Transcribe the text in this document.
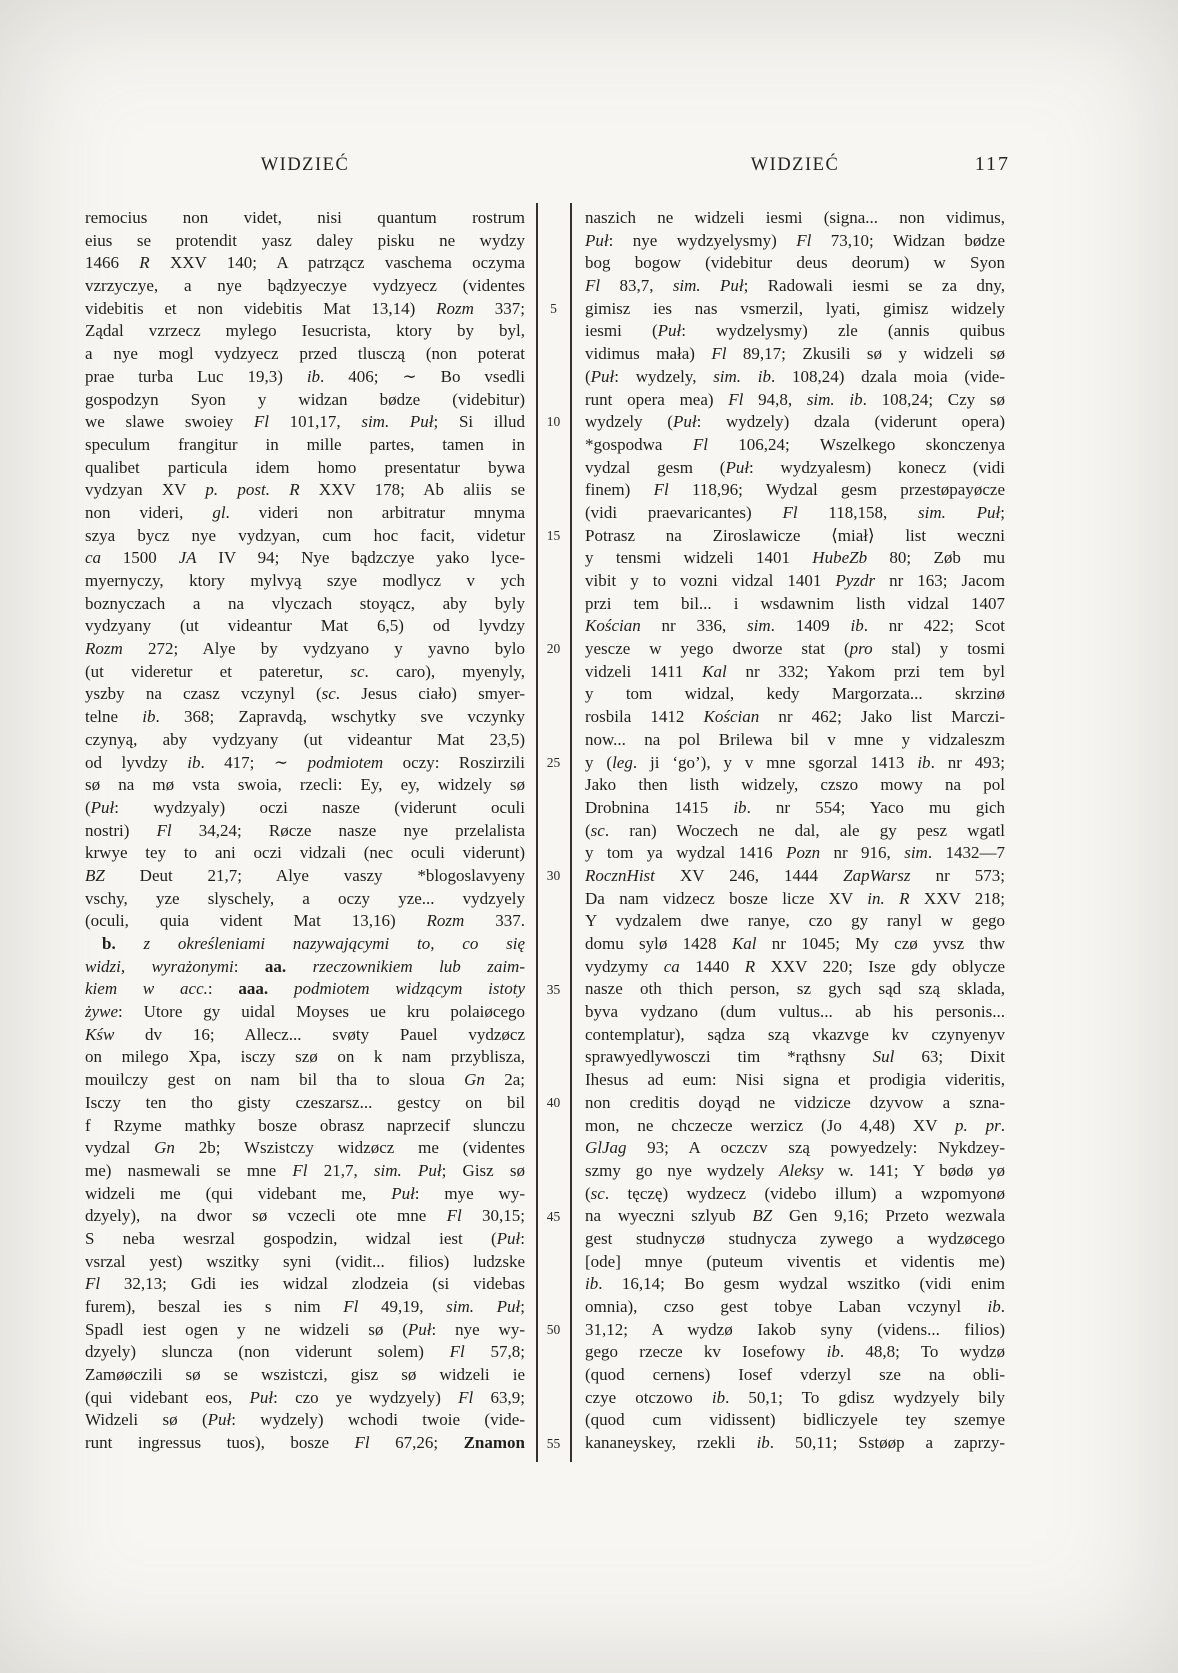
WIDZIEĆ	WIDZIEĆ	117
remocius non videt, nisi quantum rostrum
eius se protendit yasz daley pisku ne wydzy
1466 R XXV 140; A patrzącz vaschema oczyma
vzrzyczye, a nye bądzyeczye vydzyecz (videntes
videbitis et non videbitis Mat 13,14) Rozm 337;
Ządal vzrzecz mylego Iesucrista, ktory by byl,
a nye mogl vydzyecz przed tlusczą (non poterat
prae turba Luc 19,3) ib. 406; ∼ Bo vsedli
gospodzyn Syon y widzan bødze (videbitur)
we slawe swoiey Fl 101,17, sim. Puł; Si illud
speculum frangitur in mille partes, tamen in
qualibet particula idem homo presentatur bywa
vydzyan XV p. post. R XXV 178; Ab aliis se
non videri, gl. videri non arbitratur mnyma
szya bycz nye vydzyan, cum hoc facit, videtur
ca 1500 JA IV 94; Nye bądzczye yako lyce-
myernyczy, ktory mylvyą szye modlycz v ych
boznyczach a na vlyczach stoyącz, aby byly
vydzyany (ut videantur Mat 6,5) od lyvdzy
Rozm 272; Alye by vydzyano y yavno bylo
(ut videretur et pateretur, sc. caro), myenyly,
yszby na czasz vczynyl (sc. Jesus ciało) smyer-
telne ib. 368; Zapravdą, wschytky sve vczynky
czynyą, aby vydzyany (ut videantur Mat 23,5)
od lyvdzy ib. 417; ∼ podmiotem oczy: Roszirzili
sø na mø vsta swoia, rzecli: Ey, ey, widzely sø
(Puł: wydzyaly) oczi nasze (viderunt oculi
nostri) Fl 34,24; Røcze nasze nye przelalista
krwye tey to ani oczi vidzali (nec oculi viderunt)
BZ Deut 21,7; Alye vaszy *blogoslavyeny
vschy, yze slyschely, a oczy yze... vydzyely
(oculi, quia vident Mat 13,16) Rozm 337.
 b. z określeniami nazywającymi to, co się
widzi, wyrażonymi: aa. rzeczownikiem lub zaim-
kiem w acc.: aaa. podmiotem widzącym istoty
żywe: Utore gy uidal Moyses ue kru polaiøcego
Kśw dv 16; Allecz... svøty Pauel vydzøcz
on milego Xpa, isczy szø on k nam przyblisza,
mouilczy gest on nam bil tha to sloua Gn 2a;
Isczy ten tho gisty czeszarsz... gestcy on bil
f Rzyme mathky bosze obrasz naprzecif slunczu
vydzal Gn 2b; Wszistczy widzøcz me (videntes
me) nasmewali se mne Fl 21,7, sim. Puł; Gisz sø
widzeli me (qui videbant me, Puł: mye wy-
dzyely), na dwor sø vczecli ote mne Fl 30,15;
S neba wesrzal gospodzin, widzal iest (Puł:
vsrzal yest) wszitky syni (vidit... filios) ludzske
Fl 32,13; Gdi ies widzal zlodzeia (si videbas
furem), beszal ies s nim Fl 49,19, sim. Puł;
Spadl iest ogen y ne widzeli sø (Puł: nye wy-
dzyely) sluncza (non viderunt solem) Fl 57,8;
Zamøøczili sø se wszistczi, gisz sø widzeli ie
(qui videbant eos, Puł: czo ye wydzyely) Fl 63,9;
Widzeli sø (Puł: wydzely) wchodi twoie (vide-
runt ingressus tuos), bosze Fl 67,26; Znamon
5
10
15
20
25
30
35
40
45
50
55
naszich ne widzeli iesmi (signa... non vidimus,
Puł: nye wydzyelysmy) Fl 73,10; Widzan bødze
bog bogow (videbitur deus deorum) w Syon
Fl 83,7, sim. Puł; Radowali iesmi se za dny,
gimisz ies nas vsmerzil, lyati, gimisz widzely
iesmi (Puł: wydzelysmy) zle (annis quibus
vidimus mała) Fl 89,17; Zkusili sø y widzeli sø
(Puł: wydzely, sim. ib. 108,24) dzala moia (vide-
runt opera mea) Fl 94,8, sim. ib. 108,24; Czy sø
wydzely (Puł: wydzely) dzala (viderunt opera)
*gospodwa Fl 106,24; Wszelkego skonczenya
vydzal gesm (Puł: wydzyalesm) konecz (vidi
finem) Fl 118,96; Wydzal gesm przestøpayøcze
(vidi praevaricantes) Fl 118,158, sim. Puł;
Potrasz na Ziroslawicze ⟨miał⟩ list weczni
y tensmi widzeli 1401 HubeZb 80; Zøb mu
vibit y to vozni vidzal 1401 Pyzdr nr 163; Jacom
przi tem bil... i wsdawnim listh vidzal 1407
Kościan nr 336, sim. 1409 ib. nr 422; Scot
yescze w yego dworze stat (pro stal) y tosmi
vidzeli 1411 Kal nr 332; Yakom przi tem byl
y tom widzal, kedy Margorzata... skrzinø
rosbila 1412 Kościan nr 462; Jako list Marczi-
now... na pol Brilewa bil v mne y vidzaleszm
y (leg. ji ‘go’), y v mne sgorzal 1413 ib. nr 493;
Jako then listh widzely, czszo mowy na pol
Drobnina 1415 ib. nr 554; Yaco mu gich
(sc. ran) Woczech ne dal, ale gy pesz wgatl
y tom ya wydzal 1416 Pozn nr 916, sim. 1432—7
RocznHist XV 246, 1444 ZapWarsz nr 573;
Da nam vidzecz bosze licze XV in. R XXV 218;
Y vydzalem dwe ranye, czo gy ranyl w gego
domu sylø 1428 Kal nr 1045; My czø yvsz thw
vydzymy ca 1440 R XXV 220; Isze gdy oblycze
nasze oth thich person, sz gych sąd szą sklada,
byva vydzano (dum vultus... ab his personis...
contemplatur), sądza szą vkazvge kv czynyenyv
sprawyedlywosczi tim *rąthsny Sul 63; Dixit
Ihesus ad eum: Nisi signa et prodigia videritis,
non creditis doyąd ne vidzicze dzyvow a szna-
mon, ne chczecze werzicz (Jo 4,48) XV p. pr.
GlJag 93; A oczczv szą powyedzely: Nykdzey-
szmy go nye wydzely Aleksy w. 141; Y bødø yø
(sc. tęczę) wydzecz (videbo illum) a wzpomyonø
na wyeczni szlyub BZ Gen 9,16; Przeto wezwala
gest studnyczø studnycza zywego a wydzøcego
[ode] mnye (puteum viventis et videntis me)
ib. 16,14; Bo gesm wydzal wszitko (vidi enim
omnia), czso gest tobye Laban vczynyl ib.
31,12; A wydzø Iakob syny (videns... filios)
gego rzecze kv Iosefowy ib. 48,8; To wydzø
(quod cernens) Iosef vderzyl sze na obli-
czye otczowo ib. 50,1; To gdisz wydzyely bily
(quod cum vidissent) bidliczyele tey szemye
kananeyskey, rzekli ib. 50,11; Sstøøp a zaprzy-
